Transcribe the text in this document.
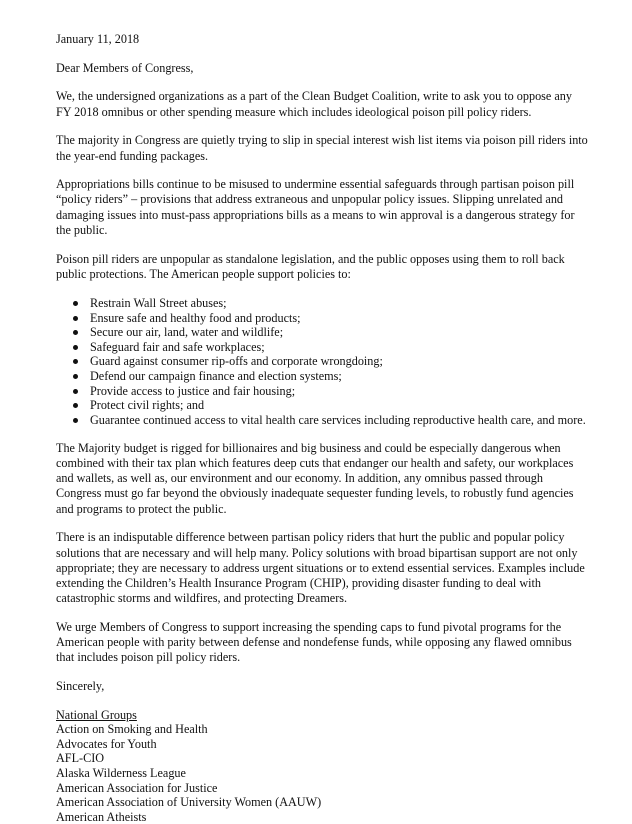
January 11, 2018

Dear Members of Congress,

We, the undersigned organizations as a part of the Clean Budget Coalition, write to ask you to oppose any FY 2018 omnibus or other spending measure which includes ideological poison pill policy riders.

The majority in Congress are quietly trying to slip in special interest wish list items via poison pill riders into the year-end funding packages.

Appropriations bills continue to be misused to undermine essential safeguards through partisan poison pill “policy riders” – provisions that address extraneous and unpopular policy issues. Slipping unrelated and damaging issues into must-pass appropriations bills as a means to win approval is a dangerous strategy for the public.

Poison pill riders are unpopular as standalone legislation, and the public opposes using them to roll back public protections. The American people support policies to:

Restrain Wall Street abuses;
Ensure safe and healthy food and products;
Secure our air, land, water and wildlife;
Safeguard fair and safe workplaces;
Guard against consumer rip-offs and corporate wrongdoing;
Defend our campaign finance and election systems;
Provide access to justice and fair housing;
Protect civil rights; and
Guarantee continued access to vital health care services including reproductive health care, and more.

The Majority budget is rigged for billionaires and big business and could be especially dangerous when combined with their tax plan which features deep cuts that endanger our health and safety, our workplaces and wallets, as well as, our environment and our economy. In addition, any omnibus passed through Congress must go far beyond the obviously inadequate sequester funding levels, to robustly fund agencies and programs to protect the public.

There is an indisputable difference between partisan policy riders that hurt the public and popular policy solutions that are necessary and will help many. Policy solutions with broad bipartisan support are not only appropriate; they are necessary to address urgent situations or to extend essential services. Examples include extending the Children’s Health Insurance Program (CHIP), providing disaster funding to deal with catastrophic storms and wildfires, and protecting Dreamers.

We urge Members of Congress to support increasing the spending caps to fund pivotal programs for the American people with parity between defense and nondefense funds, while opposing any flawed omnibus that includes poison pill policy riders.

Sincerely,

National Groups

Action on Smoking and Health

Advocates for Youth

AFL-CIO

Alaska Wilderness League

American Association for Justice

American Association of University Women (AAUW)

American Atheists
